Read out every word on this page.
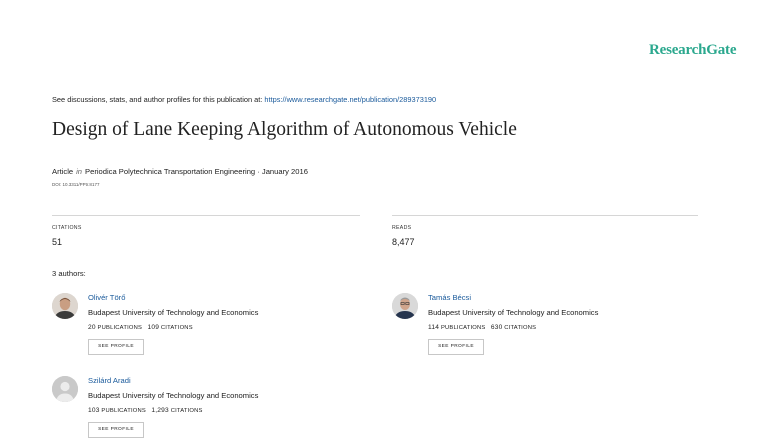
ResearchGate
See discussions, stats, and author profiles for this publication at: https://www.researchgate.net/publication/289373190
Design of Lane Keeping Algorithm of Autonomous Vehicle
Article in Periodica Polytechnica Transportation Engineering · January 2016
DOI: 10.3311/PPtr.8177
CITATIONS
51
READS
8,477
3 authors:
Olivér Törő
Budapest University of Technology and Economics
20 PUBLICATIONS 109 CITATIONS
SEE PROFILE
Tamás Bécsi
Budapest University of Technology and Economics
114 PUBLICATIONS 630 CITATIONS
SEE PROFILE
Szilárd Aradi
Budapest University of Technology and Economics
103 PUBLICATIONS 1,293 CITATIONS
SEE PROFILE
